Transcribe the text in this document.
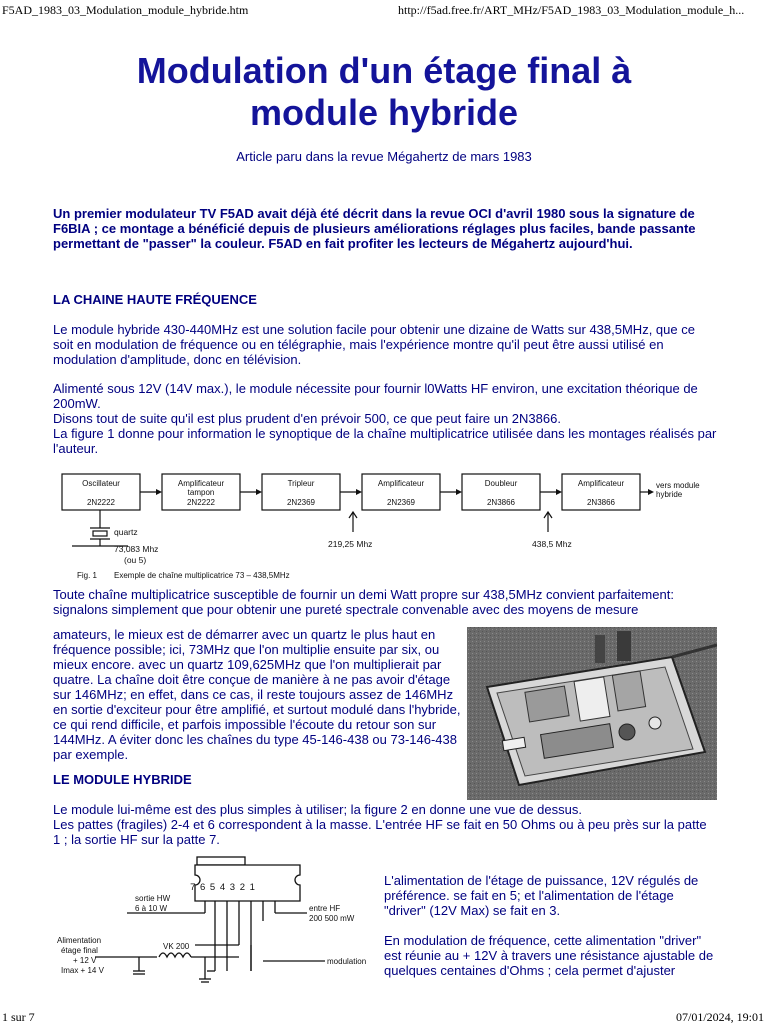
F5AD_1983_03_Modulation_module_hybride.htm	http://f5ad.free.fr/ART_MHz/F5AD_1983_03_Modulation_module_h...
Modulation d'un étage final à
module hybride
Article paru dans la revue Mégahertz de mars 1983

Un premier modulateur TV F5AD avait déjà été décrit dans la revue OCI d'avril 1980 sous la signature de F6BIA ; ce montage a bénéficié depuis de plusieurs améliorations réglages plus faciles, bande passante permettant de "passer" la couleur. F5AD en fait profiter les lecteurs de Mégahertz aujourd'hui.

LA CHAINE HAUTE FRÉQUENCE

Le module hybride 430-440MHz est une solution facile pour obtenir une dizaine de Watts sur 438,5MHz, que ce soit en modulation de fréquence ou en télégraphie, mais l'expérience montre qu'il peut être aussi utilisé en modulation d'amplitude, donc en télévision.

Alimenté sous 12V (14V max.), le module nécessite pour fournir l0Watts HF environ, une excitation théorique de 200mW.
Disons tout de suite qu'il est plus prudent d'en prévoir 500, ce que peut faire un 2N3866.
La figure 1 donne pour information le synoptique de la chaîne multiplicatrice utilisée dans les montages réalisés par l'auteur.
Oscillateur
2N2222
Amplificateur
tampon
2N2222
Tripleur
2N2369
Amplificateur
2N2369
Doubleur
2N3866
Amplificateur
2N3866
vers module
hybride
quartz
73,083 Mhz
(ou 5)
219,25 Mhz	438,5 Mhz
Fig. 1 Exemple de chaîne multiplicatrice 73 – 438,5MHz

Toute chaîne multiplicatrice susceptible de fournir un demi Watt propre sur 438,5MHz convient parfaitement: signalons simplement que pour obtenir une pureté spectrale convenable avec des moyens de mesure

amateurs, le mieux est de démarrer avec un quartz le plus haut en fréquence possible; ici, 73MHz que l'on multiplie ensuite par six, ou mieux encore. avec un quartz 109,625MHz que l'on multiplierait par quatre. La chaîne doit être conçue de manière à ne pas avoir d'étage sur 146MHz; en effet, dans ce cas, il reste toujours assez de 146MHz en sortie d'exciteur pour être amplifié, et surtout modulé dans l'hybride, ce qui rend difficile, et parfois impossible l'écoute du retour son sur 144MHz. A éviter donc les chaînes du type 45-146-438 ou 73-146-438 par exemple.

LE MODULE HYBRIDE
Le module lui-même est des plus simples à utiliser; la figure 2 en donne une vue de dessus.
Les pattes (fragiles) 2-4 et 6 correspondent à la masse. L'entrée HF se fait en 50 Ohms ou à peu près sur la patte 1 ; la sortie HF sur la patte 7.
7 6 5 4 3 2 1
sortie HW
6 à 10 W	entre HF
200 500 mW
VK 200
Alimentation
étage final
+ 12 V
Imax + 14 V
modulation

L'alimentation de l'étage de puissance, 12V régulés de préférence. se fait en 5; et l'alimentation de l'étage "driver" (12V Max) se fait en 3.

En modulation de fréquence, cette alimentation "driver" est réunie au + 12V à travers une résistance ajustable de quelques centaines d'Ohms ; cela permet d'ajuster

1 sur 7	07/01/2024, 19:01
